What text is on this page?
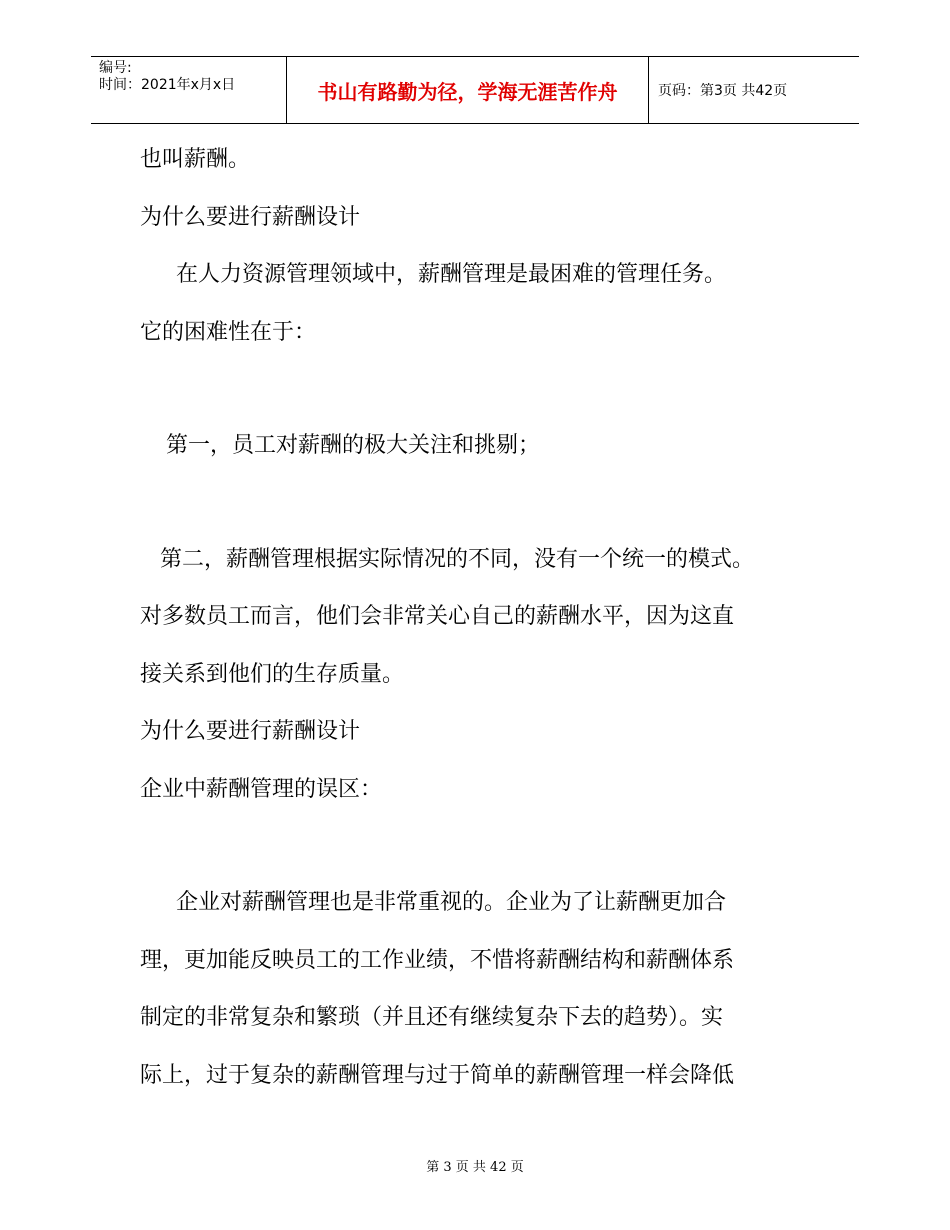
编号:
时间：2021年x月x日	书山有路勤为径，学海无涯苦作舟	页码：第3页 共42页
也叫薪酬。
为什么要进行薪酬设计
　在人力资源管理领域中，薪酬管理是最困难的管理任务。
它的困难性在于：
　第一，员工对薪酬的极大关注和挑剔；
第二，薪酬管理根据实际情况的不同，没有一个统一的模式。
对多数员工而言，他们会非常关心自己的薪酬水平，因为这直
接关系到他们的生存质量。
为什么要进行薪酬设计
企业中薪酬管理的误区：
　企业对薪酬管理也是非常重视的。企业为了让薪酬更加合
理，更加能反映员工的工作业绩，不惜将薪酬结构和薪酬体系
制定的非常复杂和繁琐（并且还有继续复杂下去的趋势）。实
际上，过于复杂的薪酬管理与过于简单的薪酬管理一样会降低
第 3 页 共 42 页
